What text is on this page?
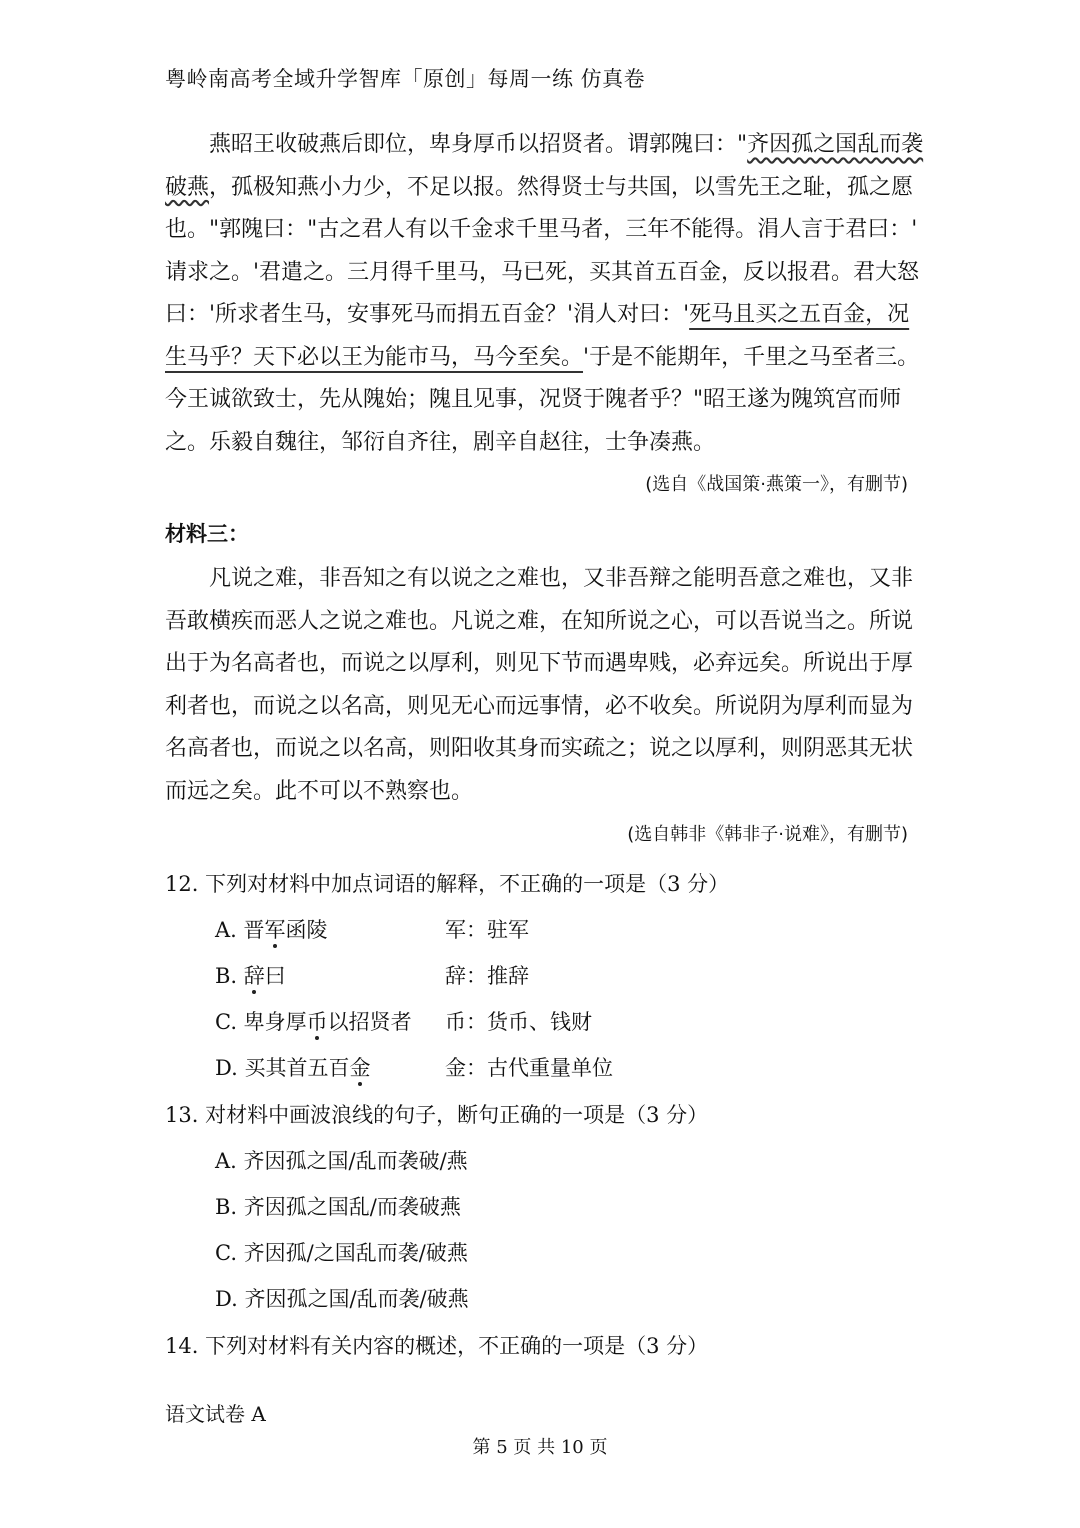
粤岭南高考全域升学智库「原创」每周一练 仿真卷
燕昭王收破燕后即位，卑身厚币以招贤者。谓郭隗曰："齐因孤之国乱而袭
破燕，孤极知燕小力少，不足以报。然得贤士与共国，以雪先王之耻，孤之愿
也。"郭隗曰："古之君人有以千金求千里马者，三年不能得。涓人言于君曰：'
请求之。'君遣之。三月得千里马，马已死，买其首五百金，反以报君。君大怒
曰：'所求者生马，安事死马而捐五百金？'涓人对曰：'死马且买之五百金，况
生马乎？天下必以王为能市马，马今至矣。'于是不能期年，千里之马至者三。
今王诚欲致士，先从隗始；隗且见事，况贤于隗者乎？"昭王遂为隗筑宫而师
之。乐毅自魏往，邹衍自齐往，剧辛自赵往，士争凑燕。
(选自《战国策·燕策一》，有删节)
材料三：
凡说之难，非吾知之有以说之之难也，又非吾辩之能明吾意之难也，又非
吾敢横疾而恶人之说之难也。凡说之难，在知所说之心，可以吾说当之。所说
出于为名高者也，而说之以厚利，则见下节而遇卑贱，必弃远矣。所说出于厚
利者也，而说之以名高，则见无心而远事情，必不收矣。所说阴为厚利而显为
名高者也，而说之以名高，则阳收其身而实疏之；说之以厚利，则阴恶其无状
而远之矣。此不可以不熟察也。
(选自韩非《韩非子·说难》，有删节)
12. 下列对材料中加点词语的解释，不正确的一项是（3 分）
A. 晋军函陵	军：驻军
B. 辞曰	辞：推辞
C. 卑身厚币以招贤者 币：货币、钱财
D. 买其首五百金	金：古代重量单位
13. 对材料中画波浪线的句子，断句正确的一项是（3 分）
A. 齐因孤之国/乱而袭破/燕
B. 齐因孤之国乱/而袭破燕
C. 齐因孤/之国乱而袭/破燕
D. 齐因孤之国/乱而袭/破燕
14. 下列对材料有关内容的概述，不正确的一项是（3 分）
语文试卷 A
第 5 页 共 10 页
